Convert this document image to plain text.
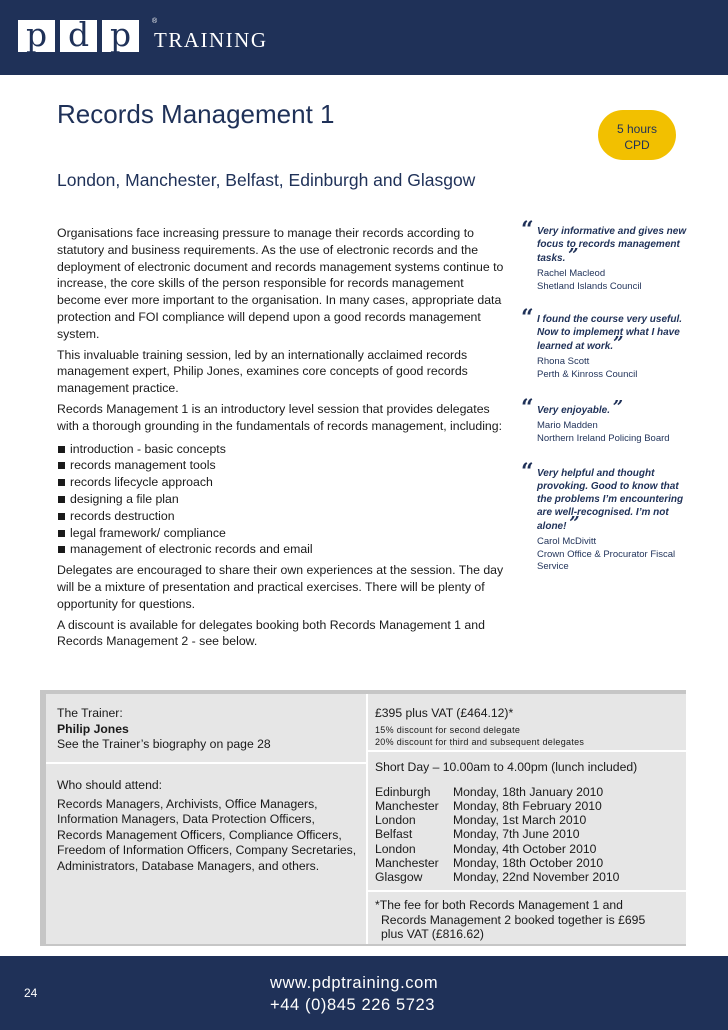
p d p	®
TRAINING
Records Management 1	5 hours
CPD
London, Manchester, Belfast, Edinburgh and Glasgow

Organisations face increasing pressure to manage their records according to statutory and business requirements. As the use of electronic records and the deployment of electronic document and records management systems continue to increase, the core skills of the person responsible for records management become ever more important to the organisation. In many cases, appropriate data protection and FOI compliance will depend upon a good records management system.

This invaluable training session, led by an internationally acclaimed records management expert, Philip Jones, examines core concepts of good records management practice.

Records Management 1 is an introductory level session that provides delegates with a thorough grounding in the fundamentals of records management, including:

introduction - basic concepts
records management tools
records lifecycle approach
designing a file plan
records destruction
legal framework/ compliance
management of electronic records and email

Delegates are encouraged to share their own experiences at the session. The day will be a mixture of presentation and practical exercises. There will be plenty of opportunity for questions.

A discount is available for delegates booking both Records Management 1 and Records Management 2 - see below.

“ Very informative and gives new focus to records management tasks. ”
Rachel Macleod
Shetland Islands Council
“ I found the course very useful. Now to implement what I have learned at work.”
Rhona Scott
Perth & Kinross Council
“ Very enjoyable. ”
Mario Madden
Northern Ireland Policing Board
“ Very helpful and thought provoking. Good to know that the problems I’m encountering are well-recognised. I’m not alone! ”
Carol McDivitt
Crown Office & Procurator Fiscal Service
The Trainer:
Philip Jones
See the Trainer’s biography on page 28
Who should attend:
Records Managers, Archivists, Office Managers, Information Managers, Data Protection Officers, Records Management Officers, Compliance Officers, Freedom of Information Officers, Company Secretaries, Administrators, Database Managers, and others.
£395 plus VAT (£464.12)*
15% discount for second delegate
20% discount for third and subsequent delegates
Short Day – 10.00am to 4.00pm (lunch included)
Edinburgh	Monday, 18th January 2010
Manchester	Monday, 8th February 2010
London	Monday, 1st March 2010
Belfast	Monday, 7th June 2010
London	Monday, 4th October 2010
Manchester	Monday, 18th October 2010
Glasgow	Monday, 22nd November 2010
*The fee for both Records Management 1 and
Records Management 2 booked together is £695
plus VAT (£816.62)
24
www.pdptraining.com
+44 (0)845 226 5723
